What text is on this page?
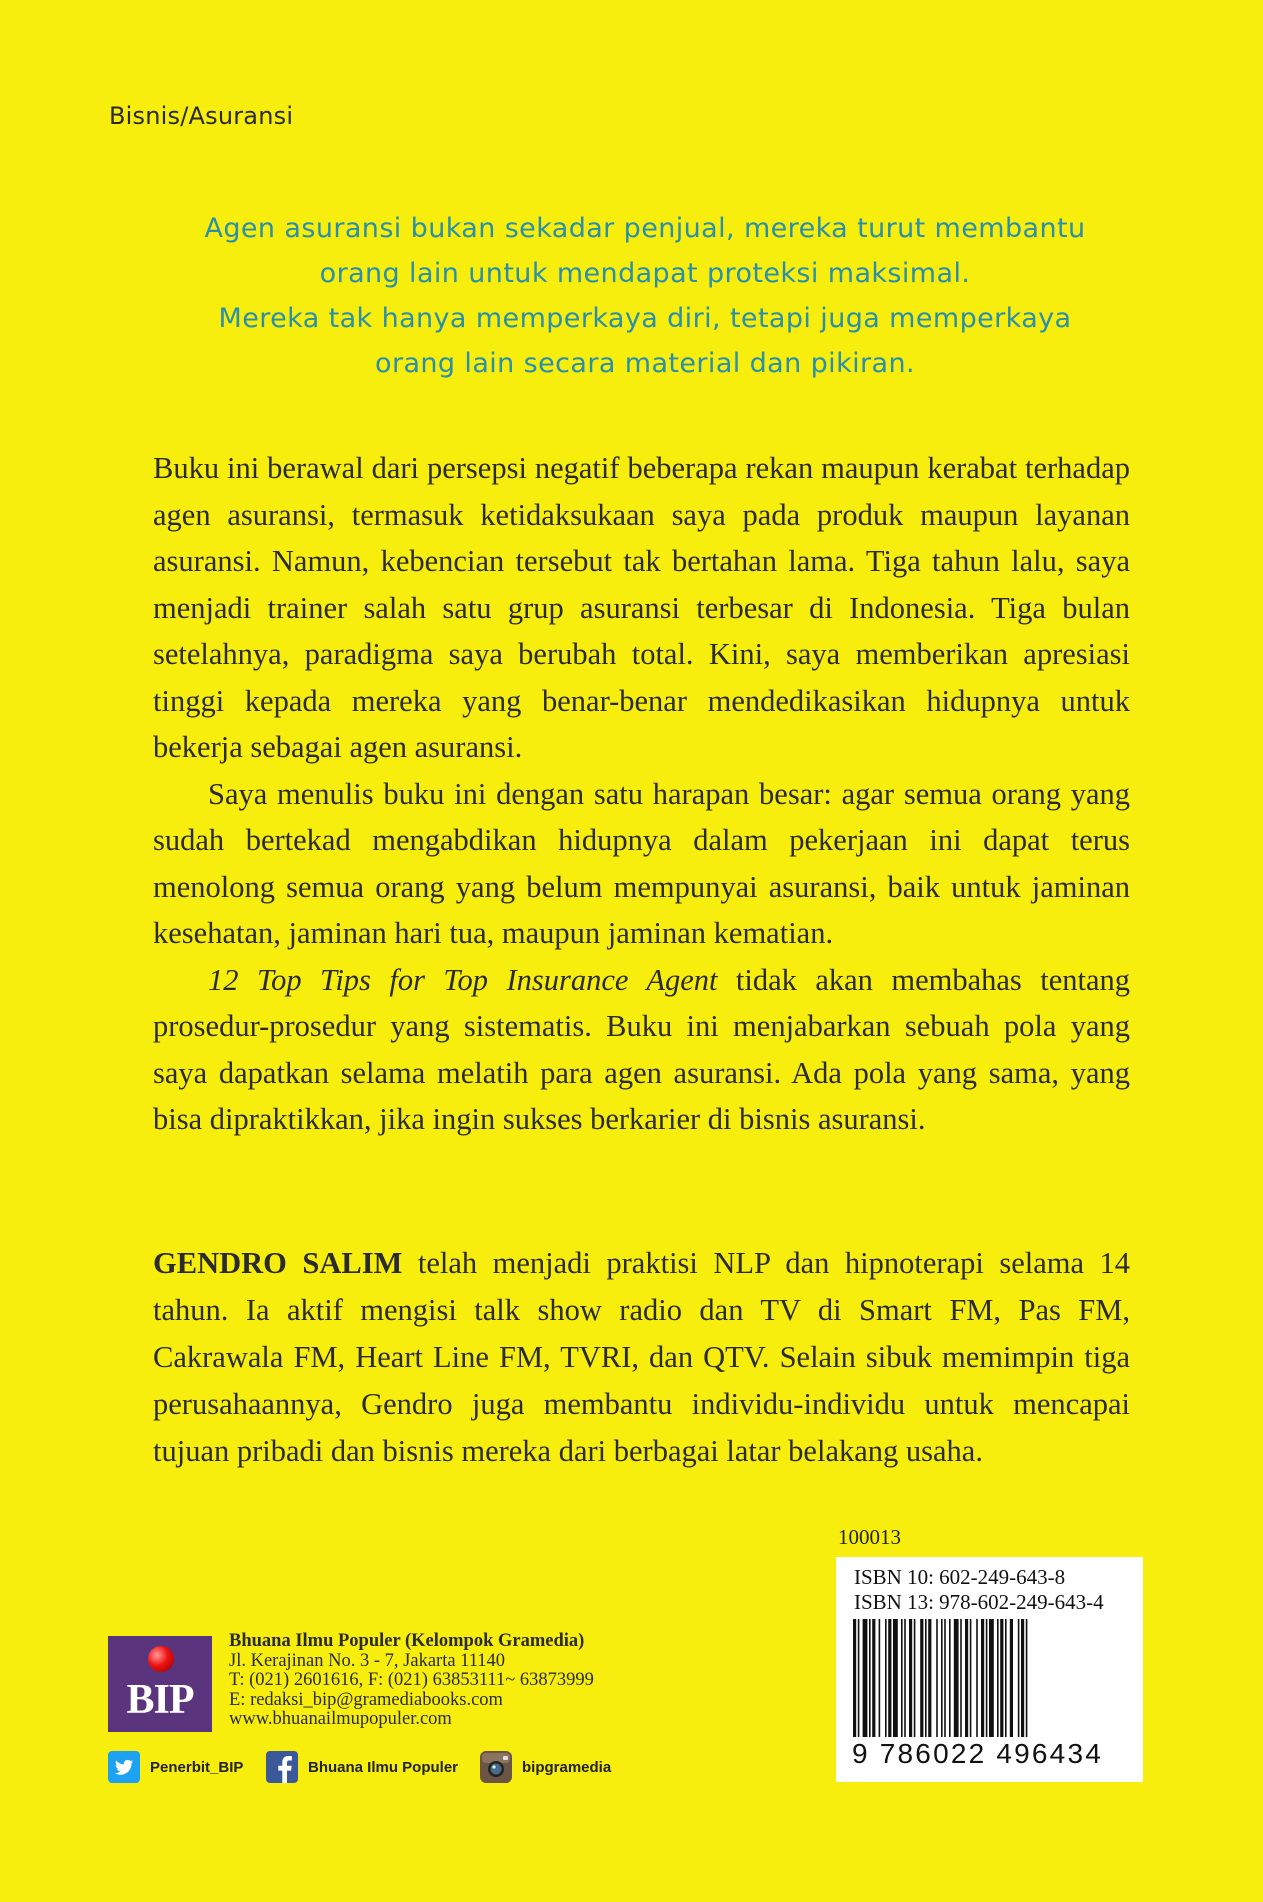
Bisnis/Asuransi
Agen asuransi bukan sekadar penjual, mereka turut membantu
orang lain untuk mendapat proteksi maksimal.
Mereka tak hanya memperkaya diri, tetapi juga memperkaya
orang lain secara material dan pikiran.

Buku ini berawal dari persepsi negatif beberapa rekan maupun kerabat terhadap agen asuransi, termasuk ketidaksukaan saya pada produk maupun layanan asuransi. Namun, kebencian tersebut tak bertahan lama. Tiga tahun lalu, saya menjadi trainer salah satu grup asuransi terbesar di Indonesia. Tiga bulan setelahnya, paradigma saya berubah total. Kini, saya memberikan apresiasi tinggi kepada mereka yang benar-benar mendedikasikan hidupnya untuk bekerja sebagai agen asuransi.

Saya menulis buku ini dengan satu harapan besar: agar semua orang yang sudah bertekad mengabdikan hidupnya dalam pekerjaan ini dapat terus menolong semua orang yang belum mempunyai asuransi, baik untuk jaminan kesehatan, jaminan hari tua, maupun jaminan kematian.

12 Top Tips for Top Insurance Agent tidak akan membahas tentang prosedur-prosedur yang sistematis. Buku ini menjabarkan sebuah pola yang saya dapatkan selama melatih para agen asuransi. Ada pola yang sama, yang bisa dipraktikkan, jika ingin sukses berkarier di bisnis asuransi.

GENDRO SALIM telah menjadi praktisi NLP dan hipnoterapi selama 14 tahun. Ia aktif mengisi talk show radio dan TV di Smart FM, Pas FM, Cakrawala FM, Heart Line FM, TVRI, dan QTV. Selain sibuk memimpin tiga perusahaannya, Gendro juga membantu individu-individu untuk mencapai tujuan pribadi dan bisnis mereka dari berbagai latar belakang usaha.

100013
ISBN 10: 602-249-643-8
ISBN 13: 978-602-249-643-4
9 786022 496434
BIP
Bhuana Ilmu Populer (Kelompok Gramedia)
Jl. Kerajinan No. 3 - 7, Jakarta 11140
T: (021) 2601616, F: (021) 63853111~ 63873999
E: redaksi_bip@gramediabooks.com
www.bhuanailmupopuler.com
Penerbit_BIP	Bhuana Ilmu Populer	bipgramedia
